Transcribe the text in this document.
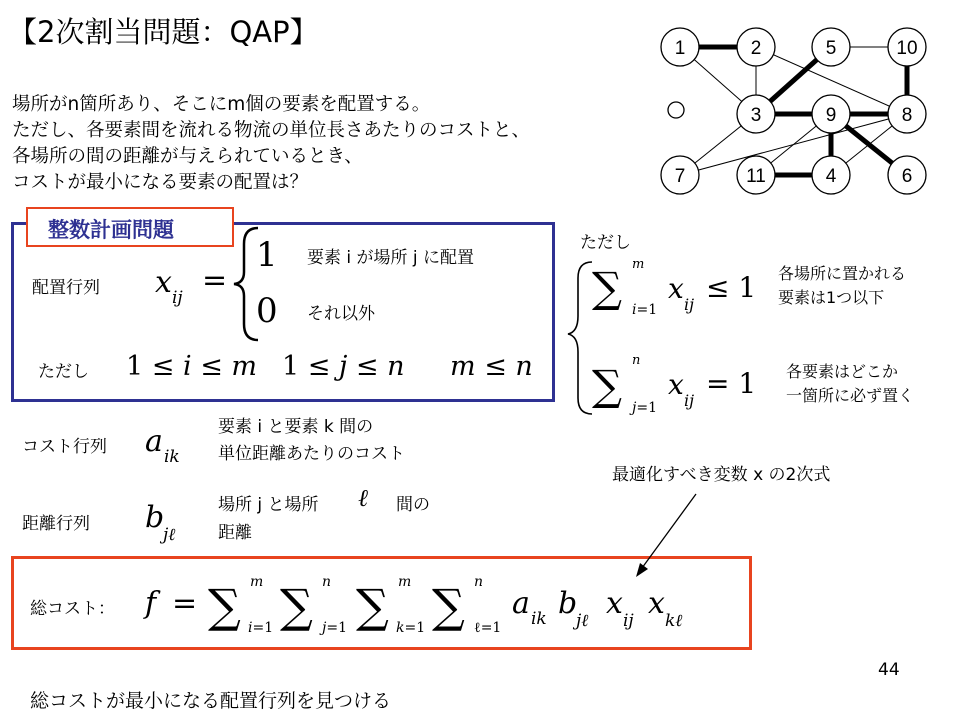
【2次割当問題：QAP】
場所がn箇所あり、そこにm個の要素を配置する。
ただし、各要素間を流れる物流の単位長さあたりのコストと、
各場所の間の距離が与えられているとき、
コストが最小になる要素の配置は？
整数計画問題
配置行列
要素 i が場所 j に配置
それ以外
ただし
ただし
各場所に置かれる
要素は1つ以下
各要素はどこか
一箇所に必ず置く
コスト行列
要素 i と要素 k 間の
単位距離あたりのコスト
距離行列
場所 j と場所 ℓ 間の
距離
最適化すべき変数 x の2次式
総コスト：
44
総コストが最小になる配置行列を見つける
x ij =
1
0
1 ≤ i ≤ m 1 ≤ j ≤ n m ≤ n
∑ m
i=1
x ij
≤ 1
∑
n
j=1
x ij
= 1
a ik
b
jℓ
f = ∑ m
i=1 ∑ n
j=1 ∑ m
k=1 ∑ n
ℓ=1
a ik b
jℓ x ij x kℓ
1	2	5	10
3	9	8
7	11	4	6
